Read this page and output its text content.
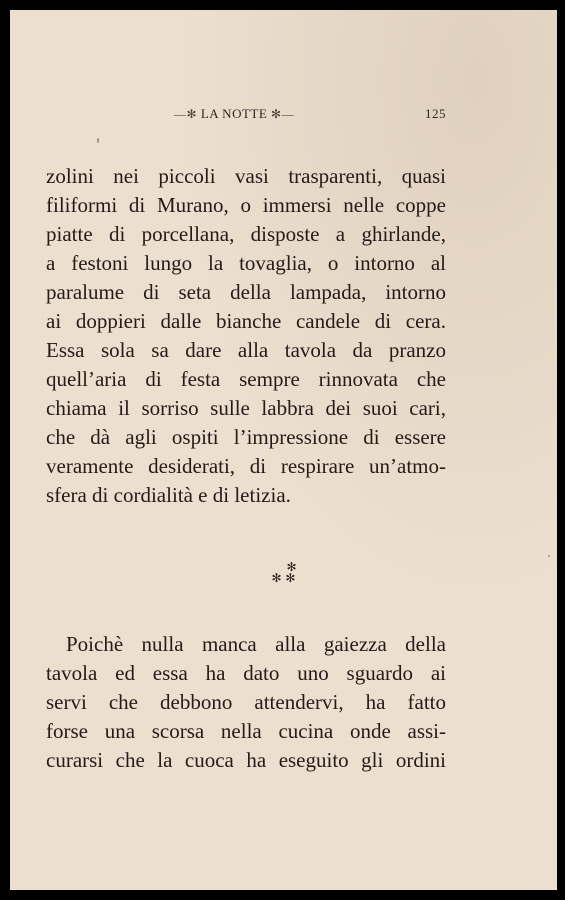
—✻ LA NOTTE ✻—	125
zolini nei piccoli vasi trasparenti, quasi
filiformi di Murano, o immersi nelle coppe
piatte di porcellana, disposte a ghirlande,
a festoni lungo la tovaglia, o intorno al
paralume di seta della lampada, intorno
ai doppieri dalle bianche candele di cera.
Essa sola sa dare alla tavola da pranzo
quell’aria di festa sempre rinnovata che
chiama il sorriso sulle labbra dei suoi cari,
che dà agli ospiti l’impressione di essere
veramente desiderati, di respirare un’atmo-
sfera di cordialità e di letizia.
✻
✻ ✻
Poichè nulla manca alla gaiezza della
tavola ed essa ha dato uno sguardo ai
servi che debbono attendervi, ha fatto
forse una scorsa nella cucina onde assi-
curarsi che la cuoca ha eseguito gli ordini
